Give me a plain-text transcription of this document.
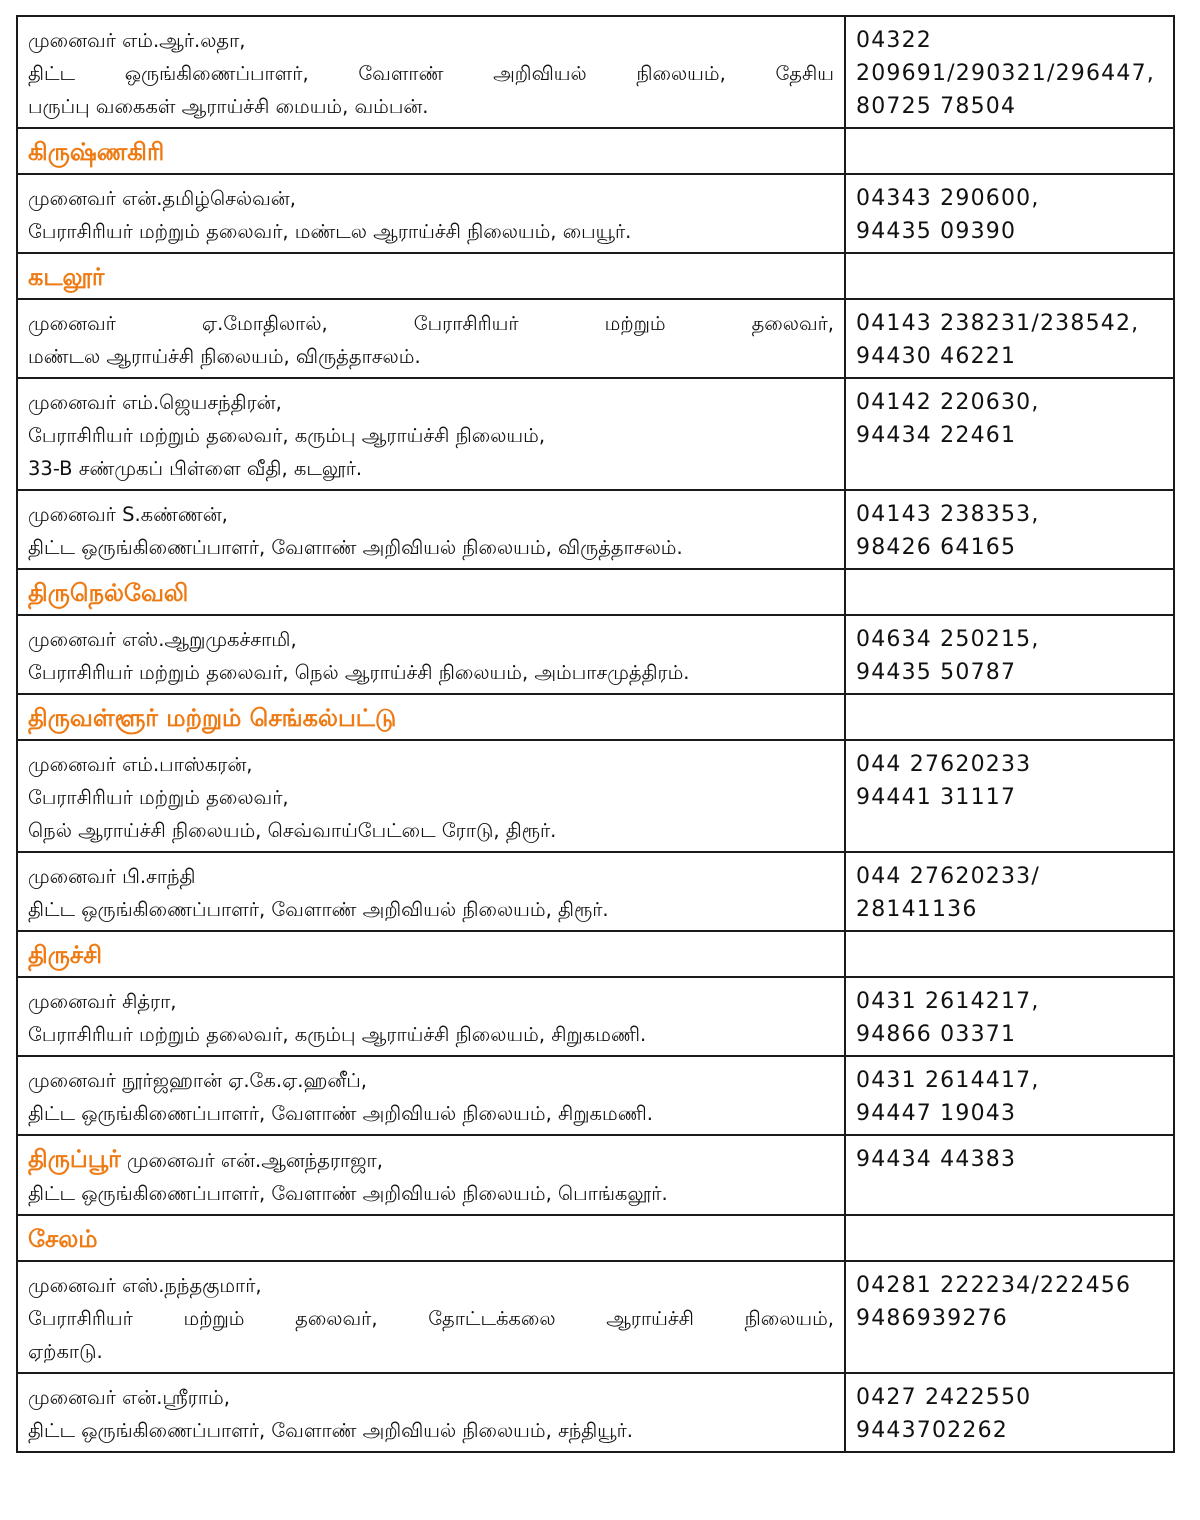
முனைவர் எம்.ஆர்.லதா,
திட்ட ஒருங்கிணைப்பாளர், வேளாண் அறிவியல் நிலையம், தேசிய
பருப்பு வகைகள் ஆராய்ச்சி மையம், வம்பன்.	04322
209691/290321/296447,
80725 78504

கிருஷ்ணகிரி	

முனைவர் என்.தமிழ்செல்வன்,
பேராசிரியர் மற்றும் தலைவர், மண்டல ஆராய்ச்சி நிலையம், பையூர்.	04343 290600,
94435 09390

கடலூர்	

முனைவர் ஏ.மோதிலால், பேராசிரியர் மற்றும் தலைவர்,
மண்டல ஆராய்ச்சி நிலையம், விருத்தாசலம்.	04143 238231/238542,
94430 46221

முனைவர் எம்.ஜெயசந்திரன்,
பேராசிரியர் மற்றும் தலைவர், கரும்பு ஆராய்ச்சி நிலையம்,
33-B சண்முகப் பிள்ளை வீதி, கடலூர்.	04142 220630,
94434 22461

முனைவர் S.கண்ணன்,
திட்ட ஒருங்கிணைப்பாளர், வேளாண் அறிவியல் நிலையம், விருத்தாசலம்.	04143 238353,
98426 64165

திருநெல்வேலி	

முனைவர் எஸ்.ஆறுமுகச்சாமி,
பேராசிரியர் மற்றும் தலைவர், நெல் ஆராய்ச்சி நிலையம், அம்பாசமுத்திரம்.	04634 250215,
94435 50787

திருவள்ளூர் மற்றும் செங்கல்பட்டு	

முனைவர் எம்.பாஸ்கரன்,
பேராசிரியர் மற்றும் தலைவர்,
நெல் ஆராய்ச்சி நிலையம், செவ்வாய்பேட்டை ரோடு, திரூர்.	044 27620233
94441 31117

முனைவர் பி.சாந்தி
திட்ட ஒருங்கிணைப்பாளர், வேளாண் அறிவியல் நிலையம், திரூர்.	044 27620233/
28141136

திருச்சி	

முனைவர் சித்ரா,
பேராசிரியர் மற்றும் தலைவர், கரும்பு ஆராய்ச்சி நிலையம், சிறுகமணி.	0431 2614217,
94866 03371

முனைவர் நூர்ஜஹான் ஏ.கே.ஏ.ஹனீப்,
திட்ட ஒருங்கிணைப்பாளர், வேளாண் அறிவியல் நிலையம், சிறுகமணி.	0431 2614417,
94447 19043

திருப்பூர் முனைவர் என்.ஆனந்தராஜா,
திட்ட ஒருங்கிணைப்பாளர், வேளாண் அறிவியல் நிலையம், பொங்கலூர்.	94434 44383

சேலம்	

முனைவர் எஸ்.நந்தகுமார்,
பேராசிரியர் மற்றும் தலைவர், தோட்டக்கலை ஆராய்ச்சி நிலையம்,
ஏற்காடு.	04281 222234/222456
9486939276

முனைவர் என்.ஸ்ரீராம்,
திட்ட ஒருங்கிணைப்பாளர், வேளாண் அறிவியல் நிலையம், சந்தியூர்.	0427 2422550
9443702262
